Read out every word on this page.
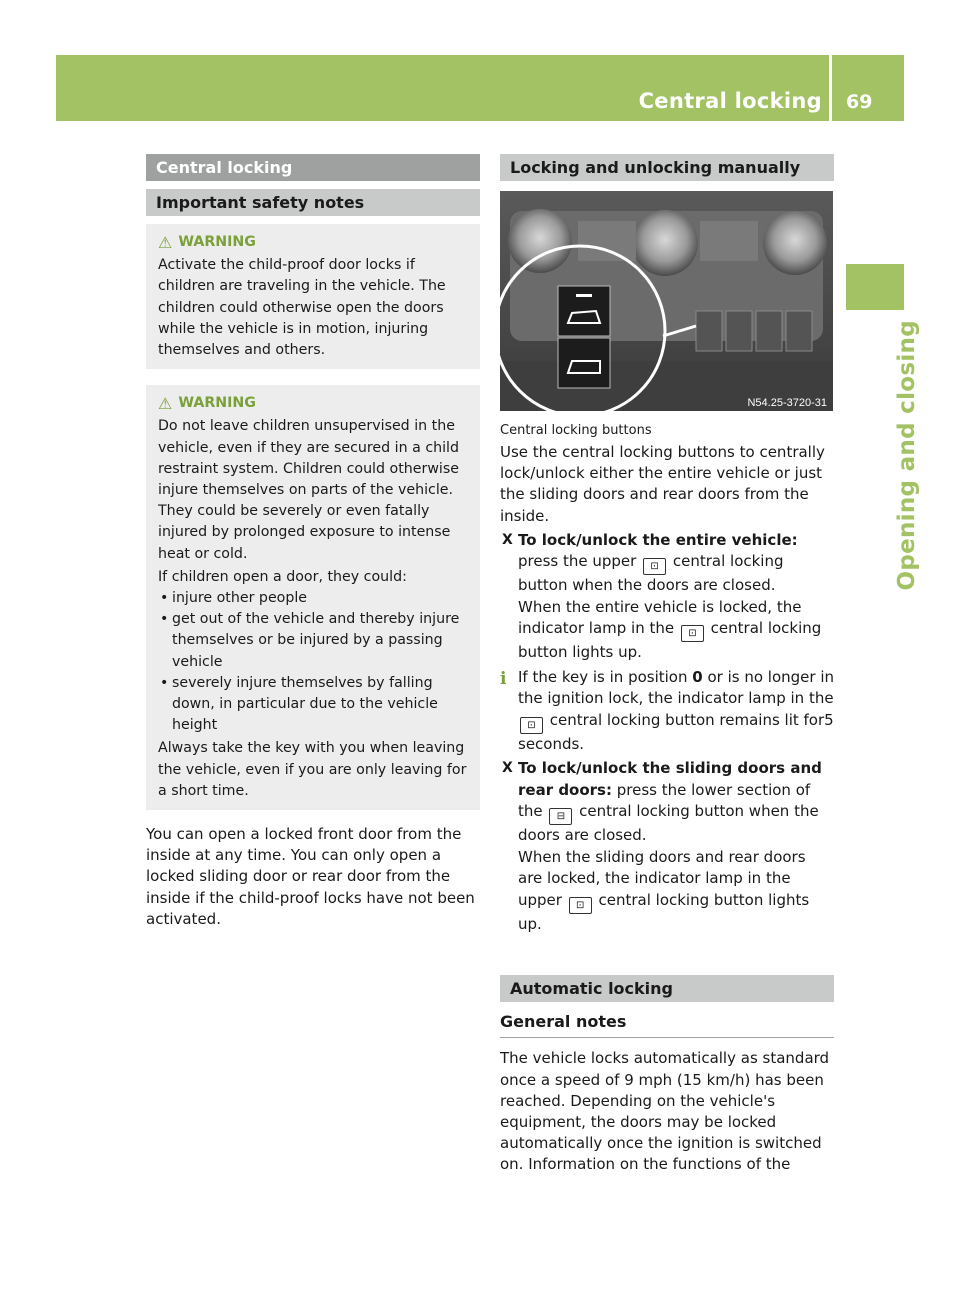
Central locking 69
Opening and closing
Central locking
Important safety notes
⚠ WARNING

Activate the child-proof door locks if children are traveling in the vehicle. The children could otherwise open the doors while the vehicle is in motion, injuring themselves and others.

⚠ WARNING

Do not leave children unsupervised in the vehicle, even if they are secured in a child restraint system. Children could otherwise injure themselves on parts of the vehicle. They could be severely or even fatally injured by prolonged exposure to intense heat or cold.

If children open a door, they could:

• injure other people
• get out of the vehicle and thereby injure themselves or be injured by a passing vehicle
• severely injure themselves by falling down, in particular due to the vehicle height

Always take the key with you when leaving the vehicle, even if you are only leaving for a short time.

You can open a locked front door from the inside at any time. You can only open a locked sliding door or rear door from the inside if the child-proof locks have not been activated.

Locking and unlocking manually
N54.25-3720-31
Central locking buttons

Use the central locking buttons to centrally lock/unlock either the entire vehicle or just the sliding doors and rear doors from the inside.

X To lock/unlock the entire vehicle: press the upper ⊡ central locking button when the doors are closed.
When the entire vehicle is locked, the indicator lamp in the ⊡ central locking button lights up.
i If the key is in position 0 or is no longer in the ignition lock, the indicator lamp in the ⊡ central locking button remains lit for5 seconds.
X To lock/unlock the sliding doors and rear doors: press the lower section of the ⊟ central locking button when the doors are closed.
When the sliding doors and rear doors are locked, the indicator lamp in the upper ⊡ central locking button lights up.
Automatic locking
General notes

The vehicle locks automatically as standard once a speed of 9 mph (15 km/h) has been reached. Depending on the vehicle's equipment, the doors may be locked automatically once the ignition is switched on. Information on the functions of the
